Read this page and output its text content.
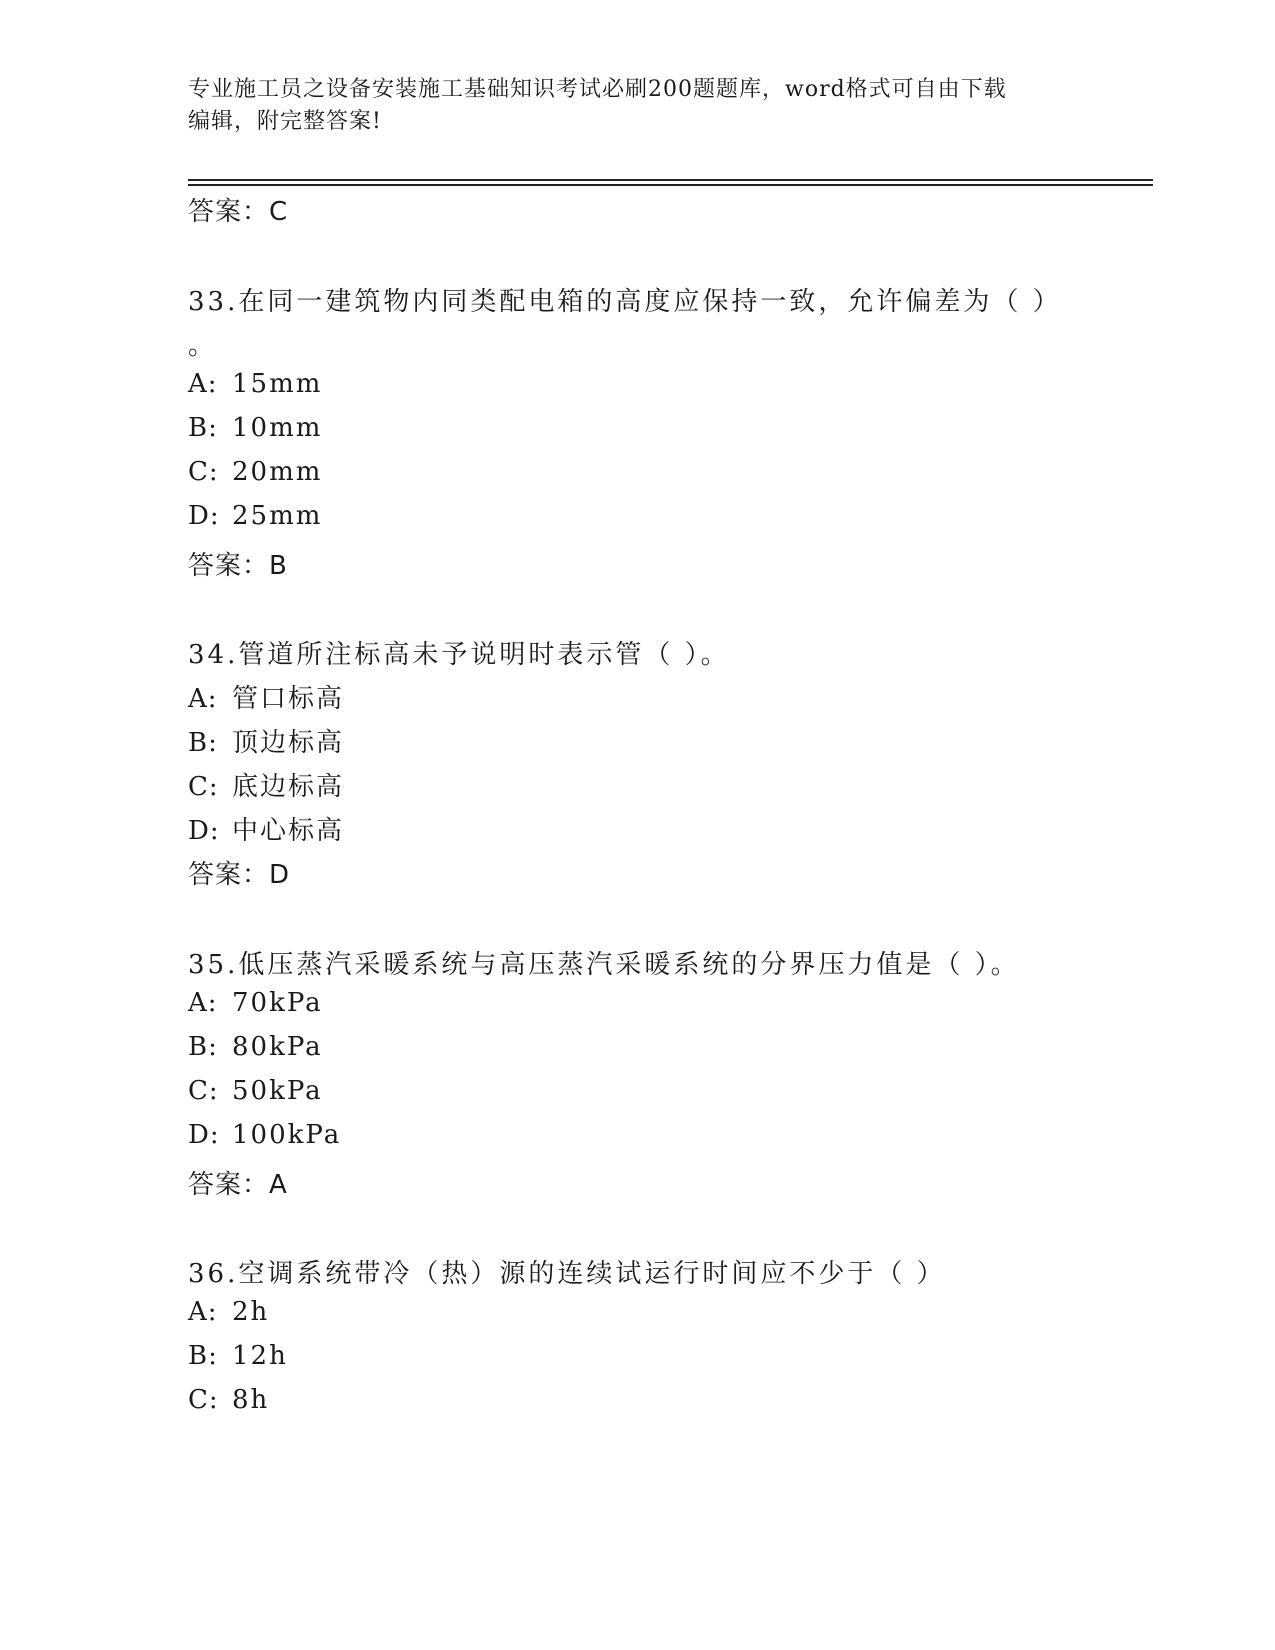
专业施工员之设备安装施工基础知识考试必刷200题题库，word格式可自由下载
编辑，附完整答案!
答案：C
33.在同一建筑物内同类配电箱的高度应保持一致，允许偏差为（ ）
。
A: 15mm
B: 10mm
C: 20mm
D: 25mm
答案：B
34.管道所注标高未予说明时表示管（ ）。
A: 管口标高
B: 顶边标高
C: 底边标高
D: 中心标高
答案：D
35.低压蒸汽采暖系统与高压蒸汽采暖系统的分界压力值是（ ）。
A: 70kPa
B: 80kPa
C: 50kPa
D: 100kPa
答案：A
36.空调系统带冷（热）源的连续试运行时间应不少于（ ）
A: 2h
B: 12h
C: 8h
